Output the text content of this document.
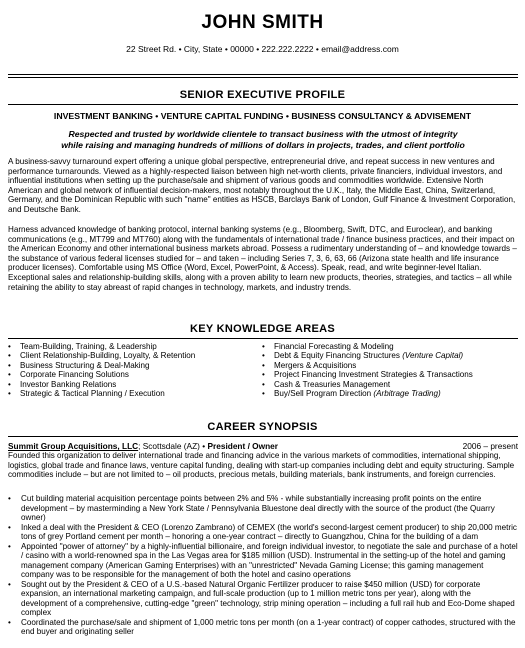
JOHN SMITH
22 Street Rd. • City, State • 00000 • 222.222.2222 • email@address.com
SENIOR EXECUTIVE PROFILE
INVESTMENT BANKING • VENTURE CAPITAL FUNDING • BUSINESS CONSULTANCY & ADVISEMENT
Respected and trusted by worldwide clientele to transact business with the utmost of integrity
while raising and managing hundreds of millions of dollars in projects, trades, and client portfolio

A business-savvy turnaround expert offering a unique global perspective, entrepreneurial drive, and repeat success in new ventures and performance turnarounds. Viewed as a highly-respected liaison between high net-worth clients, private financiers, individual investors, and influential institutions when setting up the purchase/sale and shipment of various goods and commodities worldwide. Extensive North American and global network of influential decision-makers, most notably throughout the U.K., Italy, the Middle East, China, Switzerland, Germany, and the Dominican Republic with such "name" entities as HSCB, Barclays Bank of London, Gulf Finance & Investment Corporation, and Deutsche Bank.

Harness advanced knowledge of banking protocol, internal banking systems (e.g., Bloomberg, Swift, DTC, and Euroclear), and banking communications (e.g., MT799 and MT760) along with the fundamentals of international trade / finance business practices, and their impact on the American Economy and other international business markets abroad. Possess a rudimentary understanding of – and knowledge towards – the substance of various federal licenses studied for – and taken – including Series 7, 3, 6, 63, 66 (Arizona state health and life insurance producer licenses). Comfortable using MS Office (Word, Excel, PowerPoint, & Access). Speak, read, and write beginner-level Italian. Exceptional sales and relationship-building skills, along with a proven ability to learn new products, theories, strategies, and tactics – all while retaining the ability to stay abreast of rapid changes in technology, markets, and industry trends.

KEY KNOWLEDGE AREAS
• Team-Building, Training, & Leadership
• Client Relationship-Building, Loyalty, & Retention
• Business Structuring & Deal-Making
• Corporate Financing Solutions
• Investor Banking Relations
• Strategic & Tactical Planning / Execution
• Financial Forecasting & Modeling
• Debt & Equity Financing Structures (Venture Capital)
• Mergers & Acquisitions
• Project Financing Investment Strategies & Transactions
• Cash & Treasuries Management
• Buy/Sell Program Direction (Arbitrage Trading)
CAREER SYNOPSIS
Summit Group Acquisitions, LLC; Scottsdale (AZ) • President / Owner	2006 – present

Founded this organization to deliver international trade and financing advice in the various markets of commodities, international shipping, logistics, global trade and finance laws, venture capital funding, dealing with start-up companies including debt and equity structuring. Sample commodities include – but are not limited to – oil products, precious metals, building materials, bank instruments, and foreign currencies.

• Cut building material acquisition percentage points between 2% and 5% - while substantially increasing profit points on the entire development – by masterminding a New York State / Pennsylvania Bluestone deal directly with the source of the product (the Quarry owner)
• Inked a deal with the President & CEO (Lorenzo Zambrano) of CEMEX (the world's second-largest cement producer) to ship 20,000 metric tons of grey Portland cement per month – honoring a one-year contract – directly to Guangzhou, China for the building of a dam
• Appointed "power of attorney" by a highly-influential billionaire, and foreign individual investor, to negotiate the sale and purchase of a hotel / casino with a world-renowned spa in the Las Vegas area for $185 million (USD). Instrumental in the setting-up of the hotel and gaming management company (American Gaming Enterprises) with an "unrestricted" Nevada Gaming License; this gaming management company was to be responsible for the management of both the hotel and casino operations
• Sought out by the President & CEO of a U.S.-based Natural Organic Fertilizer producer to raise $450 million (USD) for corporate expansion, an international marketing campaign, and full-scale production (up to 1 million metric tons per year), along with the development of a comprehensive, cutting-edge "green" technology, strip mining operation – including a full rail hub and Eco-Dome shaped complex
• Coordinated the purchase/sale and shipment of 1,000 metric tons per month (on a 1-year contract) of copper cathodes, structured with the end buyer and originating seller
